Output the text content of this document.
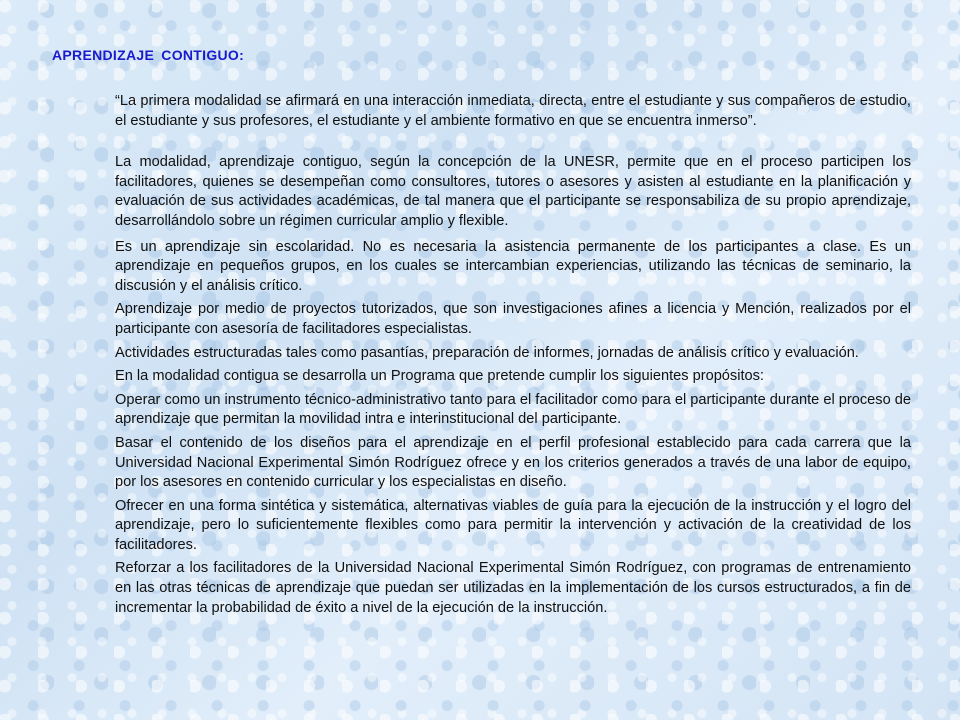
APRENDIZAJE CONTIGUO:

“La primera modalidad se afirmará en una interacción inmediata, directa, entre el estudiante y sus compañeros de estudio, el estudiante y sus profesores, el estudiante y el ambiente formativo en que se encuentra inmerso”.

La modalidad, aprendizaje contiguo, según la concepción de la UNESR, permite que en el proceso participen los facilitadores, quienes se desempeñan como consultores, tutores o asesores y asisten al estudiante en la planificación y evaluación de sus actividades académicas, de tal manera que el participante se responsabiliza de su propio aprendizaje, desarrollándolo sobre un régimen curricular amplio y flexible.

Es un aprendizaje sin escolaridad. No es necesaria la asistencia permanente de los participantes a clase. Es un aprendizaje en pequeños grupos, en los cuales se intercambian experiencias, utilizando las técnicas de seminario, la discusión y el análisis crítico.

Aprendizaje por medio de proyectos tutorizados, que son investigaciones afines a licencia y Mención, realizados por el participante con asesoría de facilitadores especialistas.

Actividades estructuradas tales como pasantías, preparación de informes, jornadas de análisis crítico y evaluación.

En la modalidad contigua se desarrolla un Programa que pretende cumplir los siguientes propósitos:

Operar como un instrumento técnico-administrativo tanto para el facilitador como para el participante durante el proceso de aprendizaje que permitan la movilidad intra e interinstitucional del participante.

Basar el contenido de los diseños para el aprendizaje en el perfil profesional establecido para cada carrera que la Universidad Nacional Experimental Simón Rodríguez ofrece y en los criterios generados a través de una labor de equipo, por los asesores en contenido curricular y los especialistas en diseño.

Ofrecer en una forma sintética y sistemática, alternativas viables de guía para la ejecución de la instrucción y el logro del aprendizaje, pero lo suficientemente flexibles como para permitir la intervención y activación de la creatividad de los facilitadores.

Reforzar a los facilitadores de la Universidad Nacional Experimental Simón Rodríguez, con programas de entrenamiento en las otras técnicas de aprendizaje que puedan ser utilizadas en la implementación de los cursos estructurados, a fin de incrementar la probabilidad de éxito a nivel de la ejecución de la instrucción.
